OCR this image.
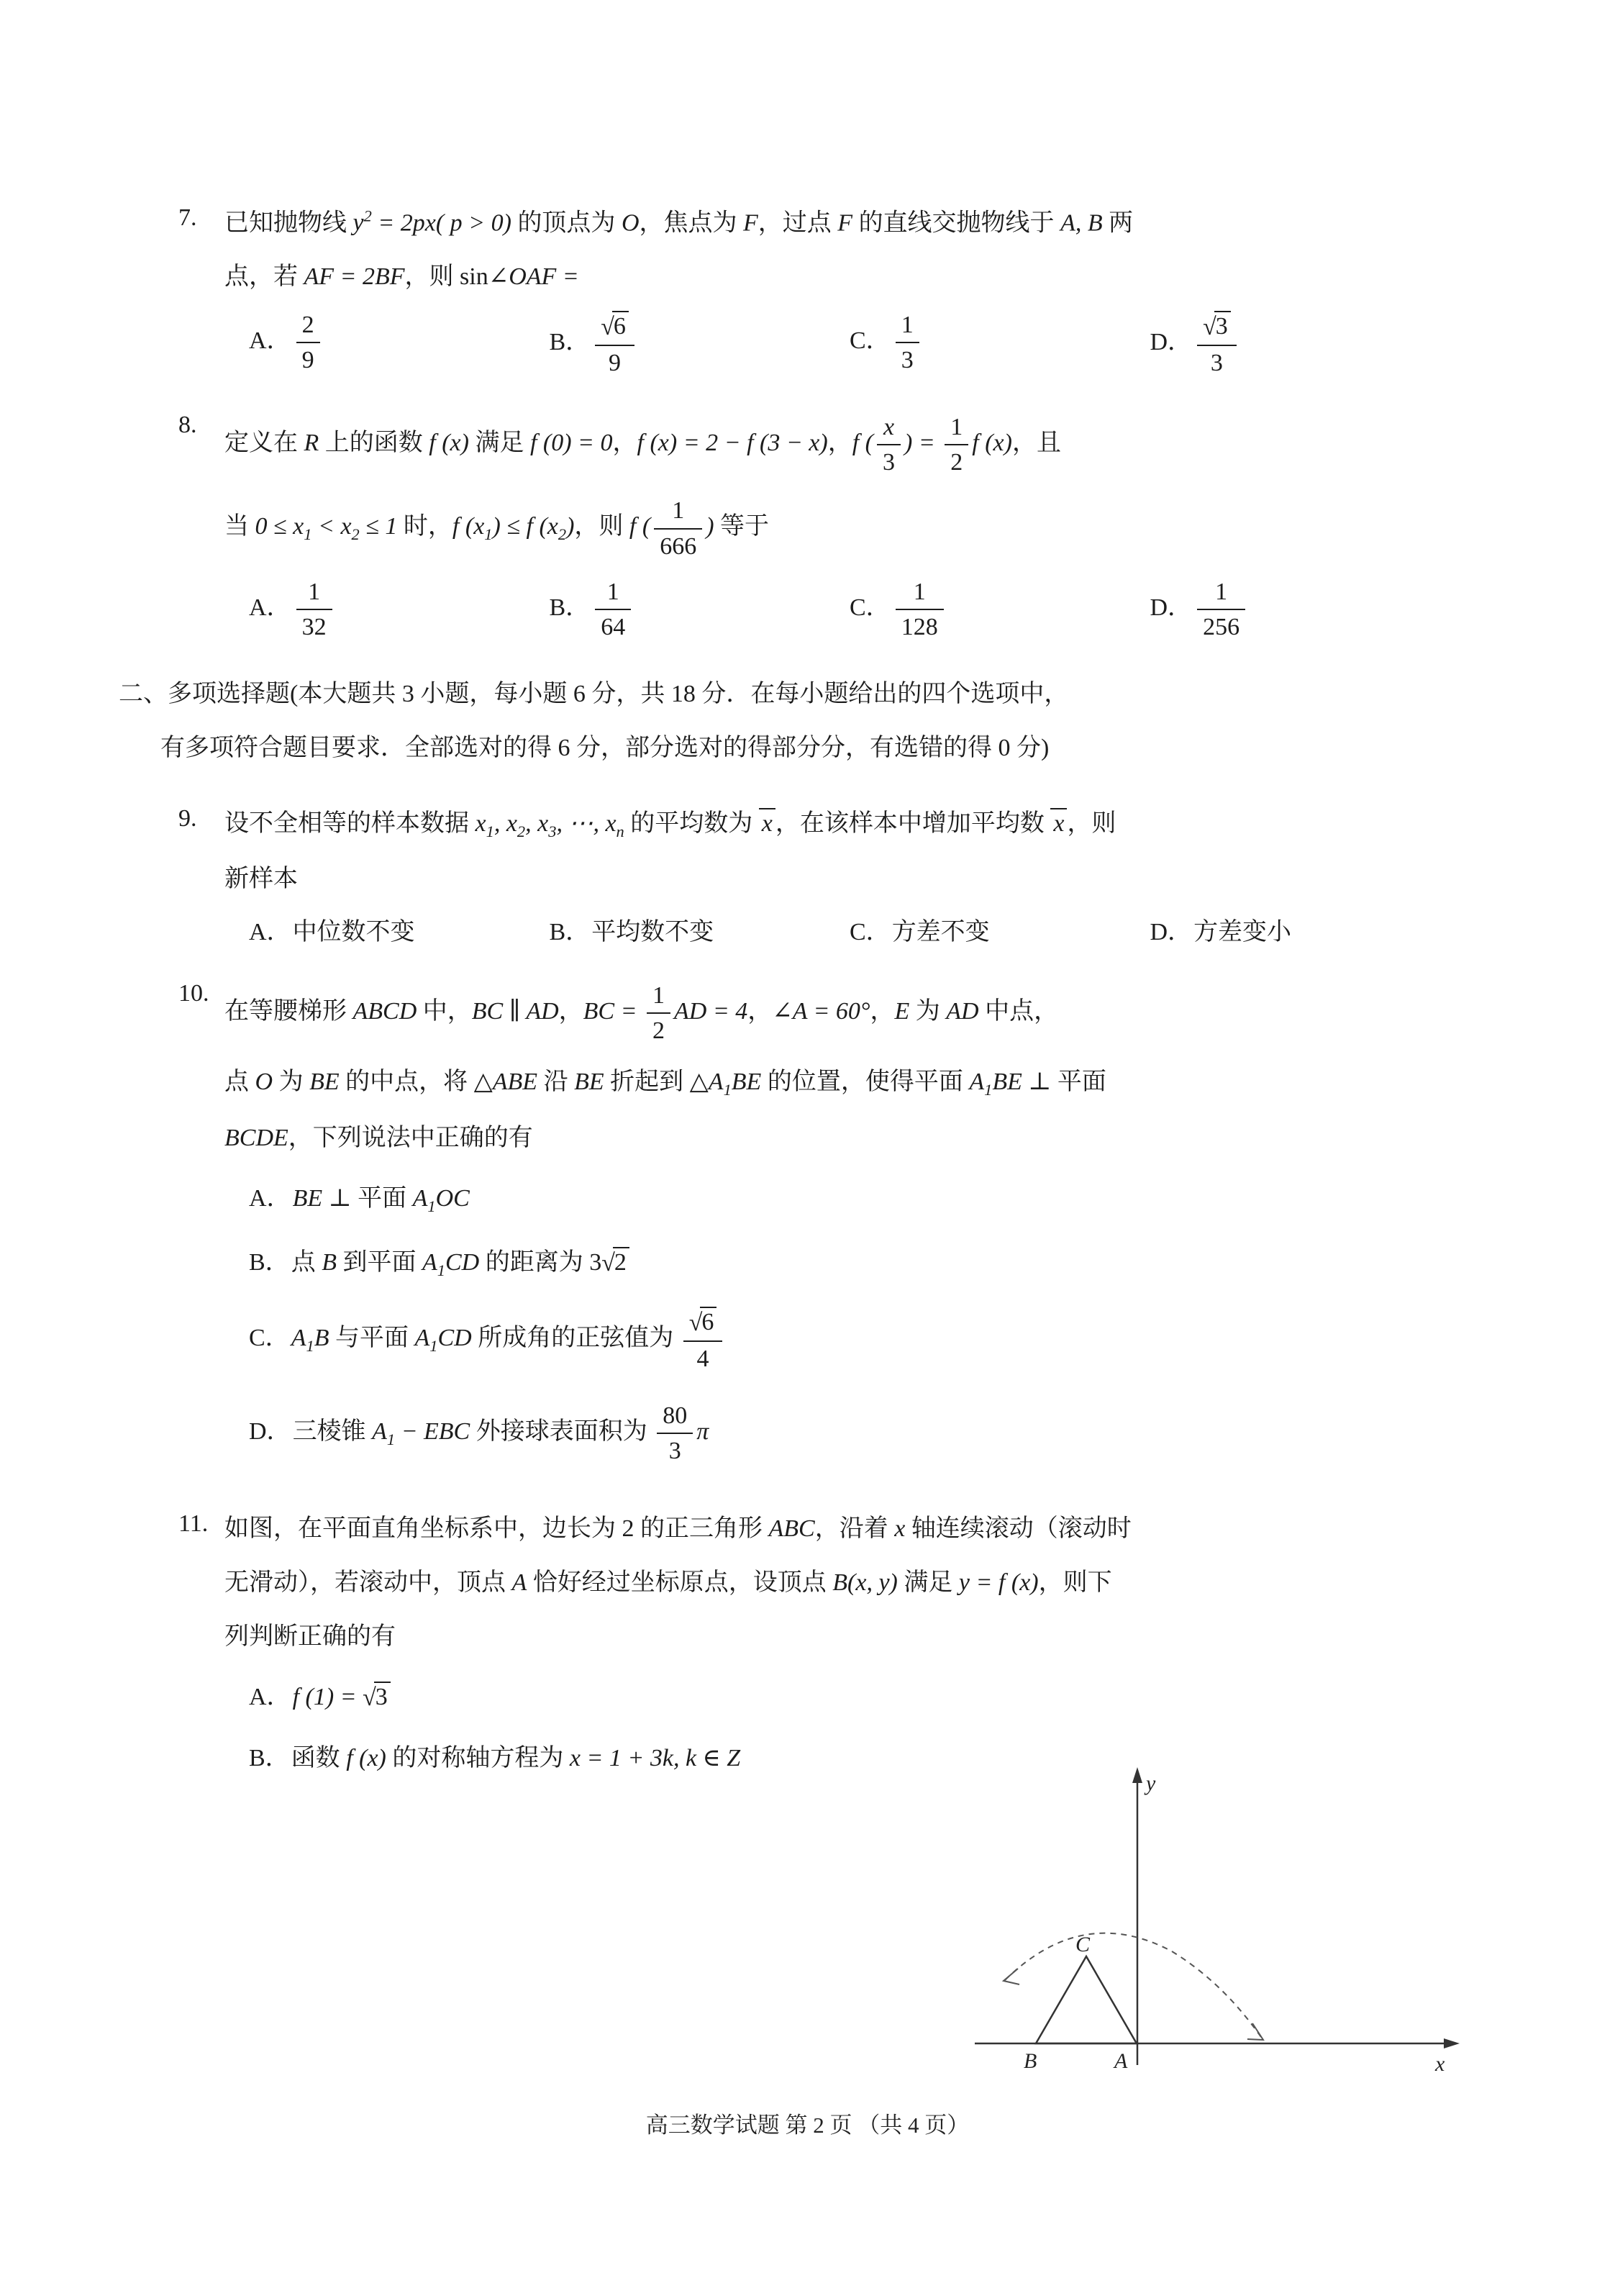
7.	已知抛物线 $y^2 = 2px$( p > 0) 的顶点为 O，焦点为 F，过点 F 的直线交抛物线于 A, B 两
点，若 AF = 2BF，则 sin∠OAF =
A． $\frac{2}{9}$	B． $\frac{√6}{9}$	C． $\frac{1}{3}$	D． $\frac{√3}{3}$
8.
定义在 R 上的函数 f (x) 满足 f (0) = 0，f (x) = 2 − f (3 − x)，f ( $\frac{x}{3}$ ) = $\frac{1}{2}$ f (x)，且
当 $0 \le x_1 < x_2 \le 1$ 时，f $(x_1) \le f$ $(x_2)$，则 f ( $\frac{1}{666}$ ) 等于
A． $\frac{1}{32}$	B． $\frac{1}{64}$	C． $\frac{1}{128}$	D． $\frac{1}{256}$
二、多项选择题(本大题共 3 小题，每小题 6 分，共 18 分．在每小题给出的四个选项中，
有多项符合题目要求．全部选对的得 6 分，部分选对的得部分分，有选错的得 0 分)
9.	设不全相等的样本数据 $x_1$, $x_2$, $x_3$, ⋯, $x_n$ 的平均数为 x ，在该样本中增加平均数 x ，则
新样本
A．中位数不变	B．平均数不变	C．方差不变	D．方差变小
10.
在等腰梯形 ABCD 中，BC ∥ AD，BC = $\frac{1}{2}$ AD = 4，∠A = 60°，E 为 AD 中点，
点 O 为 BE 的中点，将 △ABE 沿 BE 折起到 $\triangle A_1BE$ 的位置，使得平面 $A_1BE$ ⊥ 平面
BCDE，下列说法中正确的有
A．BE ⊥ 平面 $A_1OC$
B．点 B 到平面 $A_1CD$ 的距离为 3√2
C．$A_1B$ 与平面 $A_1CD$ 所成角的正弦值为 $\frac{√6}{4}$
D．三棱锥 $A_1$ − EBC 外接球表面积为 $\frac{80}{3}$ π
11. 如图，在平面直角坐标系中，边长为 2 的正三角形 ABC，沿着 x 轴连续滚动（滚动时
无滑动），若滚动中，顶点 A 恰好经过坐标原点，设顶点 B(x, y) 满足 y = f (x)，则下
列判断正确的有
A．f (1) = √3
B．函数 f (x) 的对称轴方程为 x = 1 + 3k, k ∈ Z
y
x
C
B	A
高三数学试题 第 2 页 （共 4 页）
